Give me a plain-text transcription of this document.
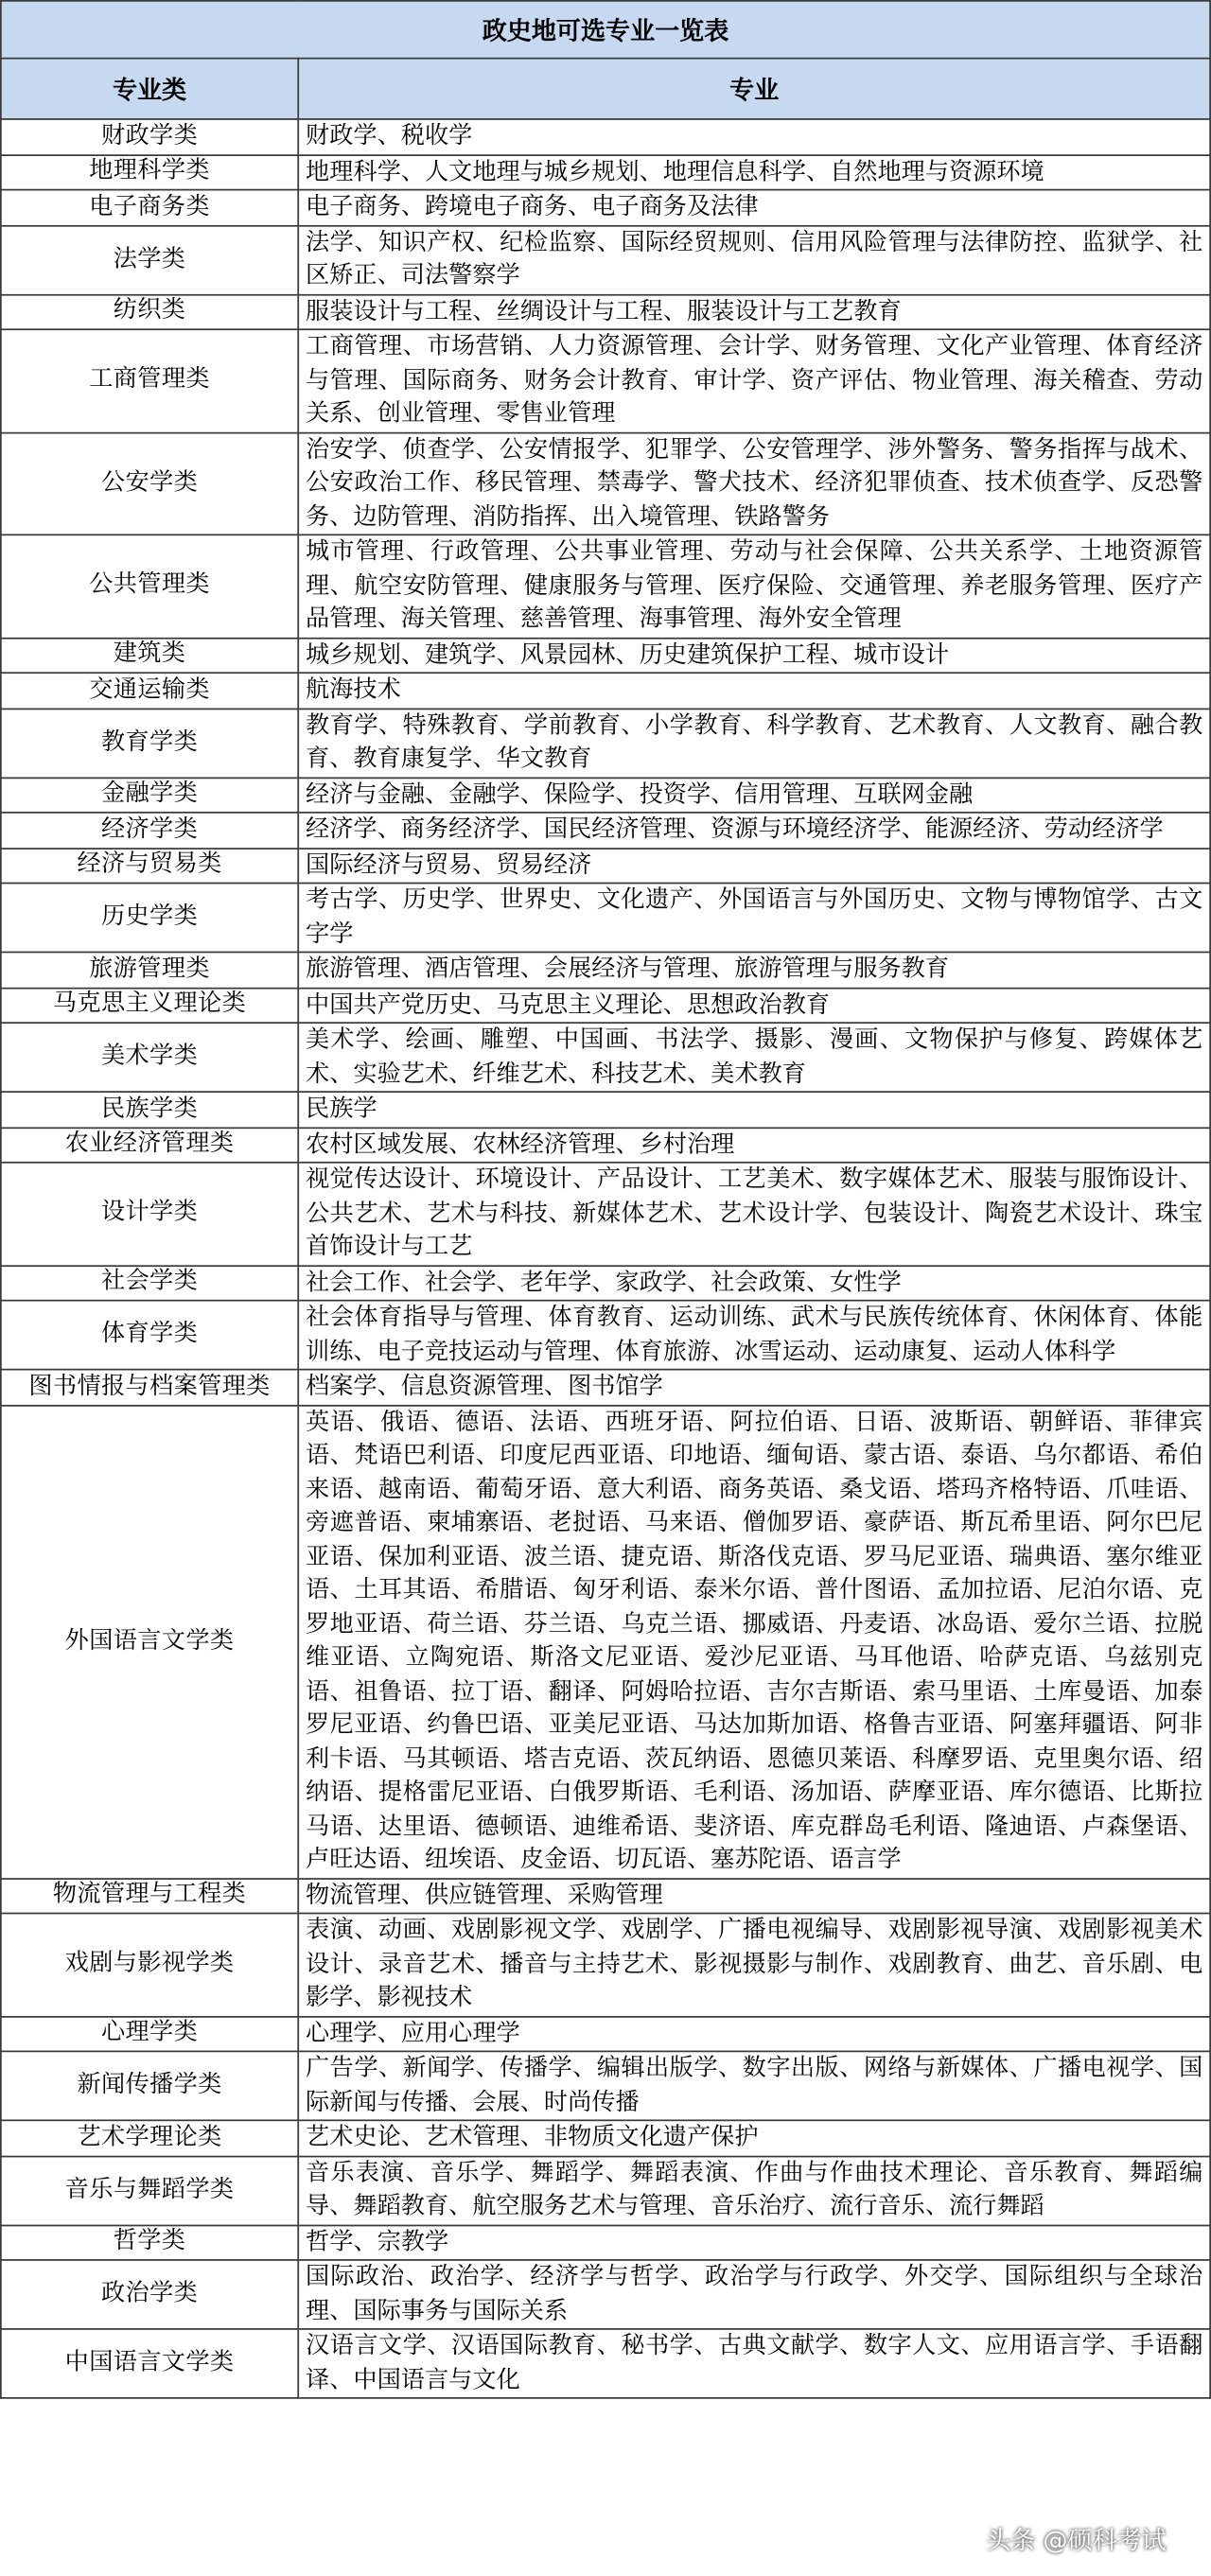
政史地可选专业一览表	
专业类	专业
财政学类	财政学、税收学
地理科学类	地理科学、人文地理与城乡规划、地理信息科学、自然地理与资源环境
电子商务类	电子商务、跨境电子商务、电子商务及法律
法学类	法学、知识产权、纪检监察、国际经贸规则、信用风险管理与法律防控、监狱学、社区矫正、司法警察学
纺织类	服装设计与工程、丝绸设计与工程、服装设计与工艺教育
工商管理类	工商管理、市场营销、人力资源管理、会计学、财务管理、文化产业管理、体育经济与管理、国际商务、财务会计教育、审计学、资产评估、物业管理、海关稽查、劳动关系、创业管理、零售业管理
公安学类	治安学、侦查学、公安情报学、犯罪学、公安管理学、涉外警务、警务指挥与战术、公安政治工作、移民管理、禁毒学、警犬技术、经济犯罪侦查、技术侦查学、反恐警务、边防管理、消防指挥、出入境管理、铁路警务
公共管理类	城市管理、行政管理、公共事业管理、劳动与社会保障、公共关系学、土地资源管理、航空安防管理、健康服务与管理、医疗保险、交通管理、养老服务管理、医疗产品管理、海关管理、慈善管理、海事管理、海外安全管理
建筑类	城乡规划、建筑学、风景园林、历史建筑保护工程、城市设计
交通运输类	航海技术
教育学类	教育学、特殊教育、学前教育、小学教育、科学教育、艺术教育、人文教育、融合教育、教育康复学、华文教育
金融学类	经济与金融、金融学、保险学、投资学、信用管理、互联网金融
经济学类	经济学、商务经济学、国民经济管理、资源与环境经济学、能源经济、劳动经济学
经济与贸易类	国际经济与贸易、贸易经济
历史学类	考古学、历史学、世界史、文化遗产、外国语言与外国历史、文物与博物馆学、古文字学
旅游管理类	旅游管理、酒店管理、会展经济与管理、旅游管理与服务教育
马克思主义理论类	中国共产党历史、马克思主义理论、思想政治教育
美术学类	美术学、绘画、雕塑、中国画、书法学、摄影、漫画、文物保护与修复、跨媒体艺术、实验艺术、纤维艺术、科技艺术、美术教育
民族学类	民族学
农业经济管理类	农村区域发展、农林经济管理、乡村治理
设计学类	视觉传达设计、环境设计、产品设计、工艺美术、数字媒体艺术、服装与服饰设计、公共艺术、艺术与科技、新媒体艺术、艺术设计学、包装设计、陶瓷艺术设计、珠宝首饰设计与工艺
社会学类	社会工作、社会学、老年学、家政学、社会政策、女性学
体育学类	社会体育指导与管理、体育教育、运动训练、武术与民族传统体育、休闲体育、体能训练、电子竞技运动与管理、体育旅游、冰雪运动、运动康复、运动人体科学
图书情报与档案管理类	档案学、信息资源管理、图书馆学
外国语言文学类	英语、俄语、德语、法语、西班牙语、阿拉伯语、日语、波斯语、朝鲜语、菲律宾语、梵语巴利语、印度尼西亚语、印地语、缅甸语、蒙古语、泰语、乌尔都语、希伯来语、越南语、葡萄牙语、意大利语、商务英语、桑戈语、塔玛齐格特语、爪哇语、旁遮普语、柬埔寨语、老挝语、马来语、僧伽罗语、豪萨语、斯瓦希里语、阿尔巴尼亚语、保加利亚语、波兰语、捷克语、斯洛伐克语、罗马尼亚语、瑞典语、塞尔维亚语、土耳其语、希腊语、匈牙利语、泰米尔语、普什图语、孟加拉语、尼泊尔语、克罗地亚语、荷兰语、芬兰语、乌克兰语、挪威语、丹麦语、冰岛语、爱尔兰语、拉脱维亚语、立陶宛语、斯洛文尼亚语、爱沙尼亚语、马耳他语、哈萨克语、乌兹别克语、祖鲁语、拉丁语、翻译、阿姆哈拉语、吉尔吉斯语、索马里语、土库曼语、加泰罗尼亚语、约鲁巴语、亚美尼亚语、马达加斯加语、格鲁吉亚语、阿塞拜疆语、阿非利卡语、马其顿语、塔吉克语、茨瓦纳语、恩德贝莱语、科摩罗语、克里奥尔语、绍纳语、提格雷尼亚语、白俄罗斯语、毛利语、汤加语、萨摩亚语、库尔德语、比斯拉马语、达里语、德顿语、迪维希语、斐济语、库克群岛毛利语、隆迪语、卢森堡语、卢旺达语、纽埃语、皮金语、切瓦语、塞苏陀语、语言学
物流管理与工程类	物流管理、供应链管理、采购管理
戏剧与影视学类	表演、动画、戏剧影视文学、戏剧学、广播电视编导、戏剧影视导演、戏剧影视美术设计、录音艺术、播音与主持艺术、影视摄影与制作、戏剧教育、曲艺、音乐剧、电影学、影视技术
心理学类	心理学、应用心理学
新闻传播学类	广告学、新闻学、传播学、编辑出版学、数字出版、网络与新媒体、广播电视学、国际新闻与传播、会展、时尚传播
艺术学理论类	艺术史论、艺术管理、非物质文化遗产保护
音乐与舞蹈学类	音乐表演、音乐学、舞蹈学、舞蹈表演、作曲与作曲技术理论、音乐教育、舞蹈编导、舞蹈教育、航空服务艺术与管理、音乐治疗、流行音乐、流行舞蹈
哲学类	哲学、宗教学
政治学类	国际政治、政治学、经济学与哲学、政治学与行政学、外交学、国际组织与全球治理、国际事务与国际关系
中国语言文学类	汉语言文学、汉语国际教育、秘书学、古典文献学、数字人文、应用语言学、手语翻译、中国语言与文化
头条 @硕科考试
